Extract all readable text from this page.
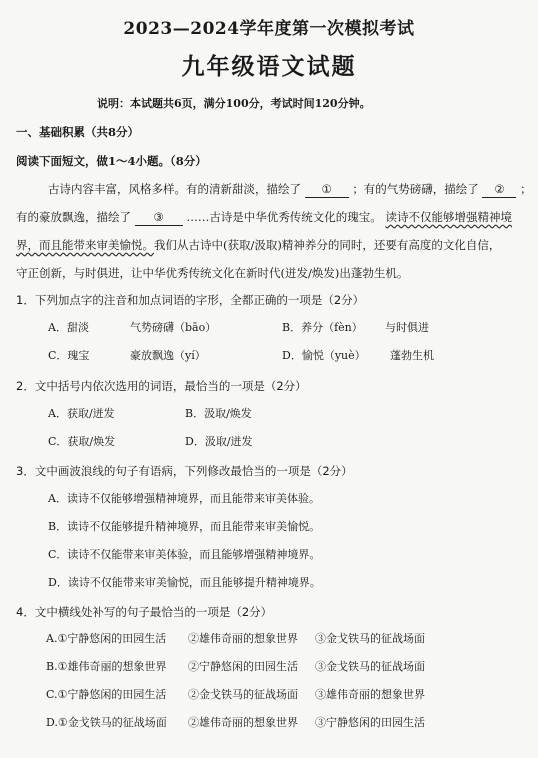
2023—2024学年度第一次模拟考试
九年级语文试题
说明：本试题共6页，满分100分，考试时间120分钟。
一、基础积累（共8分）
阅读下面短文，做1～4小题。（8分）
古诗内容丰富，风格多样。有的清新甜淡，描绘了 ① ；有的气势磅礴，描绘了 ② ；
有的豪放飘逸，描绘了 ③ ……古诗是中华优秀传统文化的瑰宝。 读诗不仅能够增强精神境
界，而且能带来审美愉悦。我们从古诗中(获取/汲取)精神养分的同时，还要有高度的文化自信，
守正创新，与时俱进，让中华优秀传统文化在新时代(迸发/焕发)出蓬勃生机。
1．下列加点字的注音和加点词语的字形，全都正确的一项是（2分）
A．甜淡	气势磅礴（bāo）	B．养分（fèn） 与时俱进
C．瑰宝	豪放飘逸（yí）	D．愉悦（yuè） 蓬勃生机
2．文中括号内依次选用的词语，最恰当的一项是（2分）
A．获取/迸发	B．汲取/焕发
C．获取/焕发	D．汲取/迸发
3．文中画波浪线的句子有语病，下列修改最恰当的一项是（2分）
A．读诗不仅能够增强精神境界，而且能带来审美体验。
B．读诗不仅能够提升精神境界，而且能带来审美愉悦。
C．读诗不仅能带来审美体验，而且能够增强精神境界。
D．读诗不仅能带来审美愉悦，而且能够提升精神境界。
4．文中横线处补写的句子最恰当的一项是（2分）
A.①宁静悠闲的田园生活 ②雄伟奇丽的想象世界 ③金戈铁马的征战场面
B.①雄伟奇丽的想象世界 ②宁静悠闲的田园生活 ③金戈铁马的征战场面
C.①宁静悠闲的田园生活 ②金戈铁马的征战场面 ③雄伟奇丽的想象世界
D.①金戈铁马的征战场面 ②雄伟奇丽的想象世界 ③宁静悠闲的田园生活
